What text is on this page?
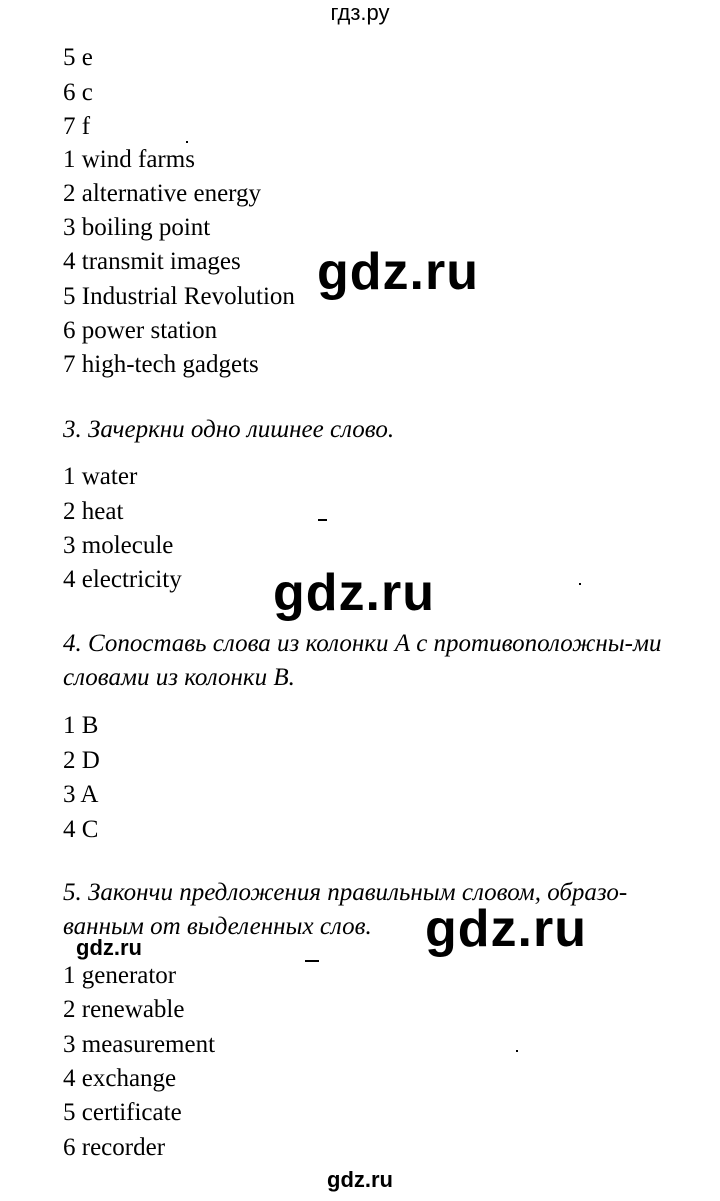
гдз.ру
5 e
6 c
7 f
1 wind farms
2 alternative energy
3 boiling point
4 transmit images
5 Industrial Revolution
6 power station
7 high-tech gadgets
3. Зачеркни одно лишнее слово.
1 water
2 heat
3 molecule
4 electricity
4. Сопоставь слова из колонки А с противоположны-ми словами из колонки В.
1 B
2 D
3 A
4 C
5. Закончи предложения правильным словом, образо-ванным от выделенных слов.
1 generator
2 renewable
3 measurement
4 exchange
5 certificate
6 recorder
gdz.ru
gdz.ru
gdz.ru
gdz.ru
gdz.ru
